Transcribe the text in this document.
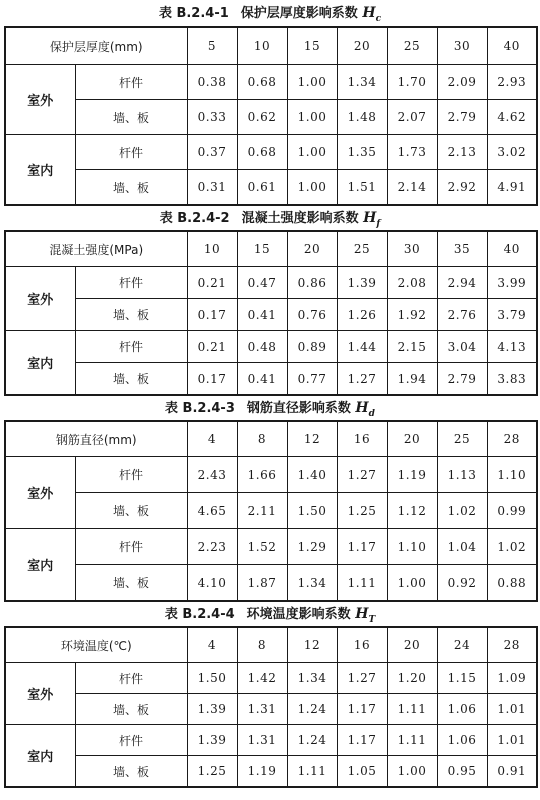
表 B.2.4-1 保护层厚度影响系数 $H_c$
保护层厚度(mm)		5	10	15	20	25	30	40
室外	杆件	0.38	0.68	1.00	1.34	1.70	2.09	2.93
	墙、板	0.33	0.62	1.00	1.48	2.07	2.79	4.62
室内	杆件	0.37	0.68	1.00	1.35	1.73	2.13	3.02
	墙、板	0.31	0.61	1.00	1.51	2.14	2.92	4.91
表 B.2.4-2 混凝土强度影响系数 $H_f$
混凝土强度(MPa)		10	15	20	25	30	35	40
室外	杆件	0.21	0.47	0.86	1.39	2.08	2.94	3.99
	墙、板	0.17	0.41	0.76	1.26	1.92	2.76	3.79
室内	杆件	0.21	0.48	0.89	1.44	2.15	3.04	4.13
	墙、板	0.17	0.41	0.77	1.27	1.94	2.79	3.83
表 B.2.4-3 钢筋直径影响系数 $H_d$
钢筋直径(mm)		4	8	12	16	20	25	28
室外	杆件	2.43	1.66	1.40	1.27	1.19	1.13	1.10
	墙、板	4.65	2.11	1.50	1.25	1.12	1.02	0.99
室内	杆件	2.23	1.52	1.29	1.17	1.10	1.04	1.02
	墙、板	4.10	1.87	1.34	1.11	1.00	0.92	0.88
表 B.2.4-4 环境温度影响系数 $H_T$
环境温度(℃)		4	8	12	16	20	24	28
室外	杆件	1.50	1.42	1.34	1.27	1.20	1.15	1.09
	墙、板	1.39	1.31	1.24	1.17	1.11	1.06	1.01
室内	杆件	1.39	1.31	1.24	1.17	1.11	1.06	1.01
	墙、板	1.25	1.19	1.11	1.05	1.00	0.95	0.91
